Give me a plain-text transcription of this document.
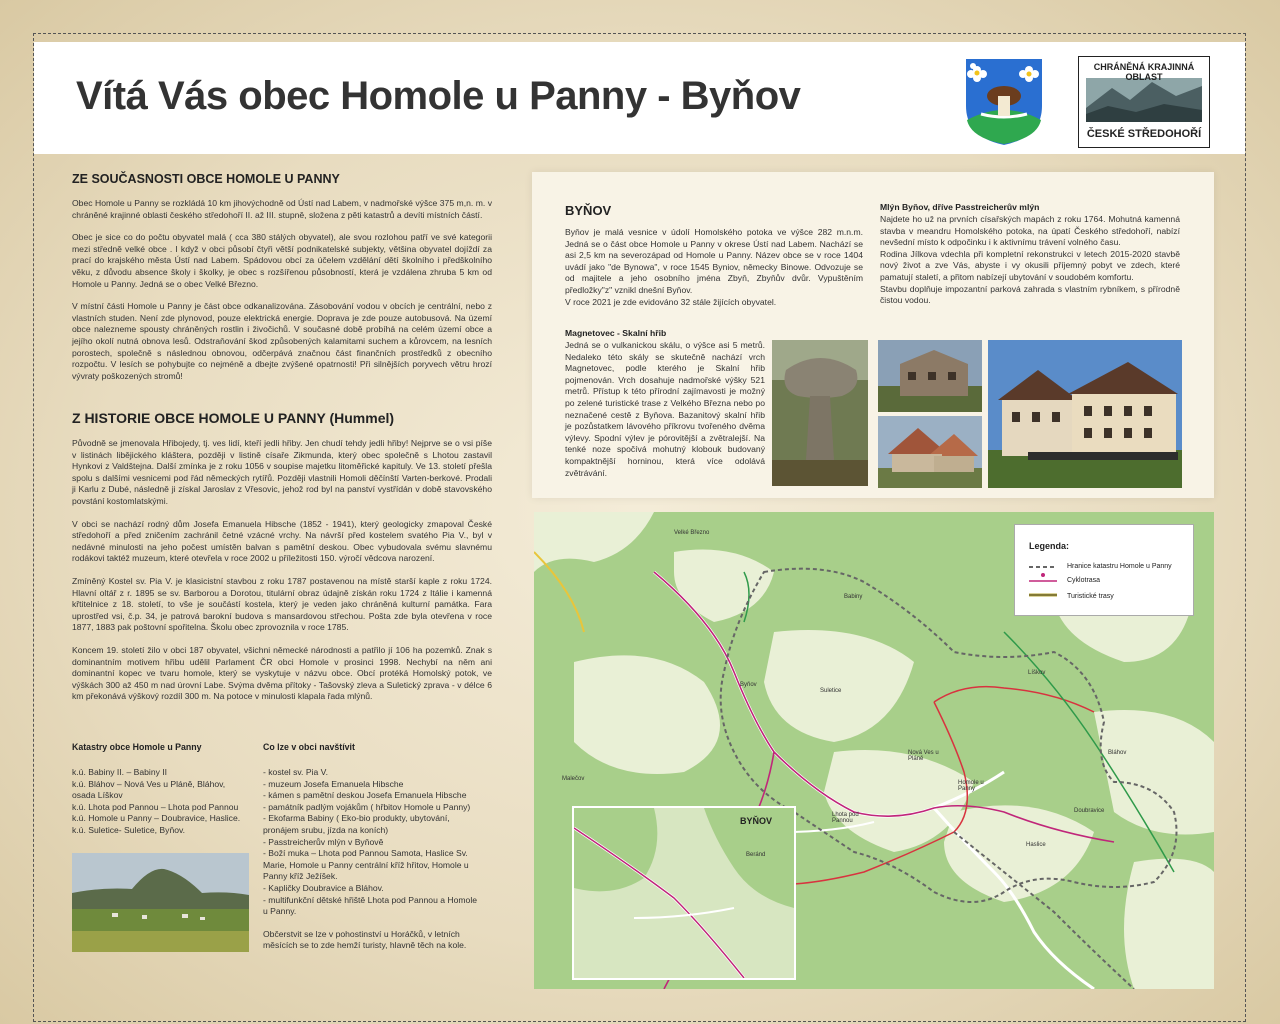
Vítá Vás obec Homole u Panny - Byňov
CHRÁNĚNÁ KRAJINNÁ OBLAST
ČESKÉ STŘEDOHOŘÍ
ZE SOUČASNOSTI OBCE HOMOLE U PANNY

Obec Homole u Panny se rozkládá 10 km jihovýchodně od Ústí nad Labem, v nadmořské výšce 375 m,n. m. v chráněné krajinné oblasti českého středohoří II. až III. stupně, složena z pěti katastrů a devíti místních částí.

Obec je sice co do počtu obyvatel malá ( cca 380 stálých obyvatel), ale svou rozlohou patří ve své kategorii mezi středně velké obce . I když v obci působí čtyři větší podnikatelské subjekty, většina obyvatel dojíždí za prací do krajského města Ústí nad Labem. Spádovou obcí za účelem vzdělání dětí školního i předškolního věku, z důvodu absence školy i školky, je obec s rozšířenou působností, která je vzdálena zhruba 5 km od Homole u Panny. Jedná se o obec Velké Březno.

V místní části Homole u Panny je část obce odkanalizována. Zásobování vodou v obcích je centrální, nebo z vlastních studen. Není zde plynovod, pouze elektrická energie. Doprava je zde pouze autobusová. Na území obce nalezneme spousty chráněných rostlin i živočichů. V současné době probíhá na celém území obce a jejího okolí nutná obnova lesů. Odstraňování škod způsobených kalamitami suchem a kůrovcem, na lesních porostech, společně s následnou obnovou, odčerpává značnou část finančních prostředků z obecního rozpočtu. V lesích se pohybujte co nejméně a dbejte zvýšené opatrnosti! Při silnějších poryvech větru hrozí vývraty poškozených stromů!

Z HISTORIE OBCE HOMOLE U PANNY (Hummel)

Původně se jmenovala Hřibojedy, tj. ves lidí, kteří jedli hřiby. Jen chudí tehdy jedli hřiby! Nejprve se o vsi píše v listinách libějického kláštera, později v listině císaře Zikmunda, který obec společně s Lhotou zastavil Hynkovi z Valdštejna. Další zmínka je z roku 1056 v soupise majetku litoměřické kapituly. Ve 13. století přešla spolu s dalšími vesnicemi pod řád německých rytířů. Později vlastnili Homoli děčínští Varten-berkové. Prodali ji Karlu z Dubé, následně ji získal Jaroslav z Vřesovic, jehož rod byl na panství vystřídán v době stavovského povstání kostomlatskými.

V obci se nachází rodný dům Josefa Emanuela Hibsche (1852 - 1941), který geologicky zmapoval České středohoří a před zničením zachránil četné vzácné vrchy. Na návrší před kostelem svatého Pia V., byl v nedávné minulosti na jeho počest umístěn balvan s pamětní deskou. Obec vybudovala svému slavnému rodákovi taktéž muzeum, které otevřela v roce 2002 u příležitosti 150. výročí vědcova narození.

Zmíněný Kostel sv. Pia V. je klasicistní stavbou z roku 1787 postavenou na místě starší kaple z roku 1724. Hlavní oltář z r. 1895 se sv. Barborou a Dorotou, titulární obraz údajně získán roku 1724 z Itálie i kamenná křtitelnice z 18. století, to vše je součástí kostela, který je veden jako chráněná kulturní památka. Fara uprostřed vsi, č.p. 34, je patrová barokní budova s mansardovou střechou. Pošta zde byla otevřena v roce 1877, 1883 pak poštovní spořitelna. Školu obec zprovoznila v roce 1785.

Koncem 19. století žilo v obci 187 obyvatel, všichni německé národnosti a patřilo jí 106 ha pozemků. Znak s dominantním motivem hřibu udělil Parlament ČR obci Homole v prosinci 1998. Nechybí na něm ani dominantní kopec ve tvaru homole, který se vyskytuje v názvu obce. Obcí protéká Homolský potok, ve výškách 300 až 450 m nad úrovní Labe. Svýma dvěma přítoky - Tašovský zleva a Suletický zprava - v délce 6 km překonává výškový rozdíl 300 m. Na potoce v minulosti klapala řada mlýnů.

Katastry obce Homole u Panny

k.ú. Babiny II. – Babiny II

k.ú. Bláhov – Nová Ves u Pláně, Bláhov,

osada Líškov

k.ú. Lhota pod Pannou – Lhota pod Pannou

k.ú. Homole u Panny – Doubravice, Haslice.

k.ú. Suletice- Suletice, Byňov.

Co lze v obci navštívit

- kostel sv. Pia V.

- muzeum Josefa Emanuela Hibsche

- kámen s pamětní deskou Josefa Emanuela Hibsche

- památník padlým vojákům ( hřbitov Homole u Panny)

- Ekofarma Babiny ( Eko-bio produkty, ubytování,

pronájem srubu, jízda na koních)

- Passtreicherův mlýn v Byňově

- Boží muka – Lhota pod Pannou Samota, Haslice Sv.

Marie, Homole u Panny centrální kříž hřitov, Homole u

Panny kříž Ježíšek.

- Kapličky Doubravice a Bláhov.

- multifunkční dětské hřiště Lhota pod Pannou a Homole

u Panny.

Občerstvit se lze v pohostinství u Horáčků, v letních měsících se to zde hemží turisty, hlavně těch na kole.

BYŇOV

Byňov je malá vesnice v údolí Homolského potoka ve výšce 282 m.n.m. Jedná se o část obce Homole u Panny v okrese Ústí nad Labem. Nachází se asi 2,5 km na severozápad od Homole u Panny. Název obce se v roce 1404 uvádí jako "de Bynowa", v roce 1545 Byniov, německy Binowe. Odvozuje se od majitele a jeho osobního jména Zbyň, Zbyňův dvůr. Vypuštěním předložky"z" vznikl dnešní Byňov.

V roce 2021 je zde evidováno 32 stále žijících obyvatel.

Magnetovec - Skalní hřib

Jedná se o vulkanickou skálu, o výšce asi 5 metrů. Nedaleko této skály se skutečně nachází vrch Magnetovec, podle kterého je Skalní hřib pojmenován. Vrch dosahuje nadmořské výšky 521 metrů. Přístup k této přírodní zajímavosti je možný po zelené turistické trase z Velkého Března nebo po neznačené cestě z Byňova. Bazanitový skalní hřib je pozůstatkem lávového příkrovu tvořeného dvěma výlevy. Spodní výlev je pórovitější a zvětralejší. Na tenké noze spočívá mohutný klobouk budovaný kompaktnější horninou, která více odolává zvětrávání.

Mlýn Byňov, dříve Passtreicherův mlýn

Najdete ho už na prvních císařských mapách z roku 1764. Mohutná kamenná stavba v meandru Homolského potoka, na úpatí Českého středohoří, nabízí nevšední místo k odpočinku i k aktivnímu trávení volného času.

Rodina Jílkova vdechla při kompletní rekonstrukci v letech 2015-2020 stavbě nový život a zve Vás, abyste i vy okusili příjemný pobyt ve zdech, které pamatují staletí, a přitom nabízejí ubytování v soudobém komfortu.

Stavbu doplňuje impozantní parková zahrada s vlastním rybníkem, s přírodně čistou vodou.

Velké Březno
Byňov
Suletice
Homole u Panny
Nová Ves u Pláně
Lhota pod Pannou
Haslice
Bláhov
Doubravice
Líškov
Malečov
Babiny
Legenda:
Hranice katastru Homole u Panny
Cyklotrasa
Turistické trasy
BYŇOV
Beránd
